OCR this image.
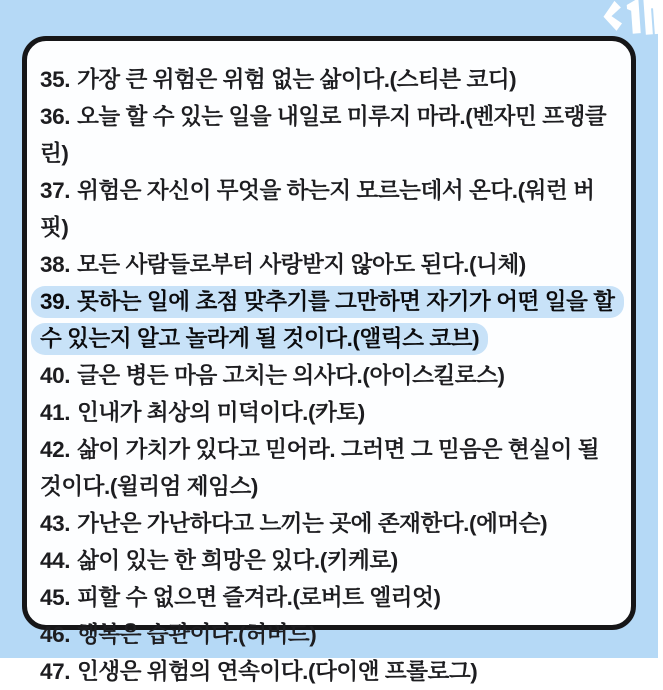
35. 가장 큰 위험은 위험 없는 삶이다.(스티븐 코디)

36. 오늘 할 수 있는 일을 내일로 미루지 마라.(벤자민 프랭클린)

37. 위험은 자신이 무엇을 하는지 모르는데서 온다.(워런 버핏)

38. 모든 사람들로부터 사랑받지 않아도 된다.(니체)

39. 못하는 일에 초점 맞추기를 그만하면 자기가 어떤 일을 할 수 있는지 알고 놀라게 될 것이다.(앨릭스 코브)

40. 글은 병든 마음 고치는 의사다.(아이스킬로스)

41. 인내가 최상의 미덕이다.(카토)

42. 삶이 가치가 있다고 믿어라. 그러면 그 믿음은 현실이 될 것이다.(윌리엄 제임스)

43. 가난은 가난하다고 느끼는 곳에 존재한다.(에머슨)

44. 삶이 있는 한 희망은 있다.(키케로)

45. 피할 수 없으면 즐겨라.(로버트 엘리엇)

46. 행복은 습관이다.(허버드)

47. 인생은 위험의 연속이다.(다이앤 프롤로그)
